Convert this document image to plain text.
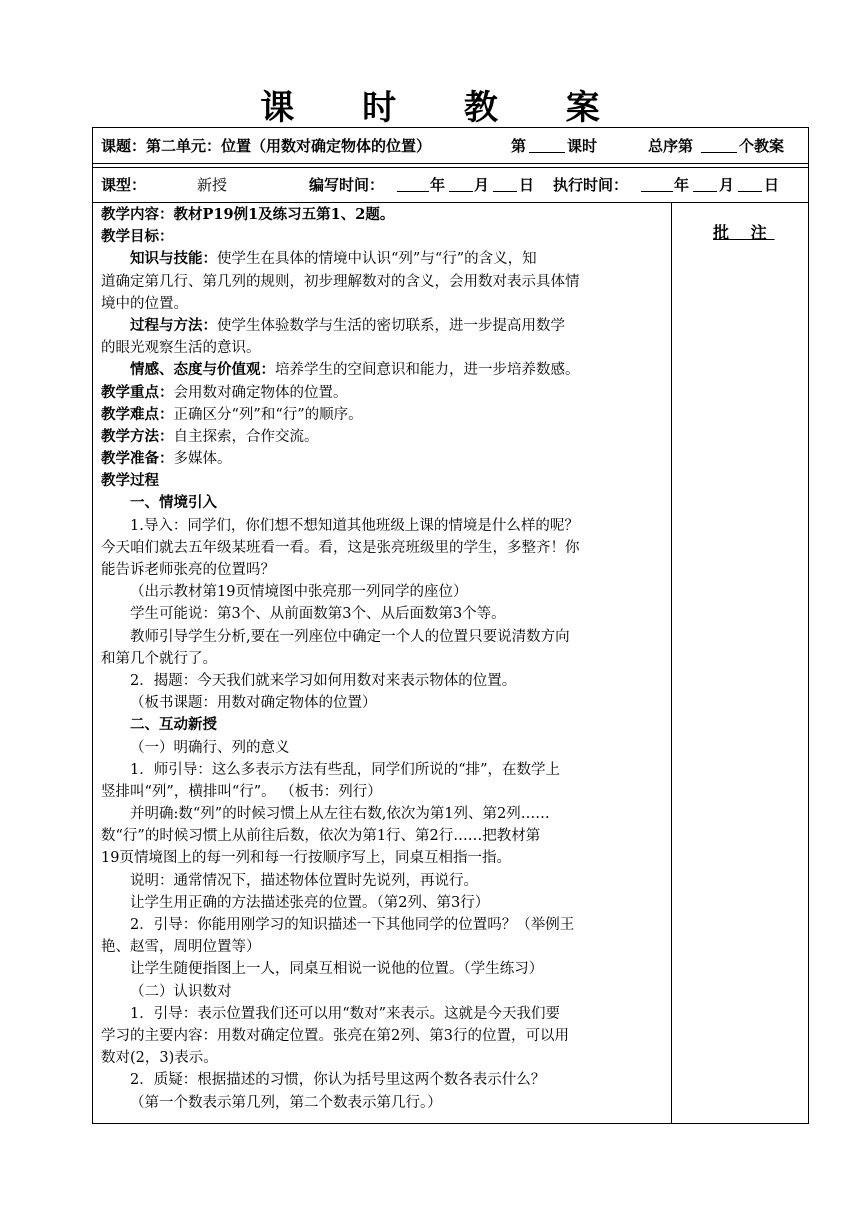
课 时 教 案
课题：第二单元：位置（用数对确定物体的位置）	第	课时	总序第	个教案
课型：	新授	编写时间：	年 月 日 执行时间：	年 月 日
批 注
教学内容：教材P19例1及练习五第1、2题。
教学目标：
知识与技能：使学生在具体的情境中认识“列”与“行”的含义，知
道确定第几行、第几列的规则，初步理解数对的含义，会用数对表示具体情
境中的位置。
过程与方法：使学生体验数学与生活的密切联系，进一步提高用数学
的眼光观察生活的意识。
情感、态度与价值观：培养学生的空间意识和能力，进一步培养数感。
教学重点：会用数对确定物体的位置。
教学难点：正确区分“列”和“行”的顺序。
教学方法：自主探索，合作交流。
教学准备：多媒体。
教学过程
一、情境引入
1.导入：同学们，你们想不想知道其他班级上课的情境是什么样的呢？
今天咱们就去五年级某班看一看。看，这是张亮班级里的学生，多整齐！你
能告诉老师张亮的位置吗？
（出示教材第19页情境图中张亮那一列同学的座位）
学生可能说：第3个、从前面数第3个、从后面数第3个等。
教师引导学生分析,要在一列座位中确定一个人的位置只要说清数方向
和第几个就行了。
2．揭题：今天我们就来学习如何用数对来表示物体的位置。
（板书课题：用数对确定物体的位置）
二、互动新授
（一）明确行、列的意义
1．师引导：这么多表示方法有些乱，同学们所说的“排”，在数学上
竖排叫“列”，横排叫“行”。 （板书：列行）
并明确:数“列”的时候习惯上从左往右数,依次为第1列、第2列……
数“行”的时候习惯上从前往后数，依次为第1行、第2行……把教材第
19页情境图上的每一列和每一行按顺序写上，同桌互相指一指。
说明：通常情况下，描述物体位置时先说列，再说行。
让学生用正确的方法描述张亮的位置。（第2列、第3行）
2．引导：你能用刚学习的知识描述一下其他同学的位置吗？（举例王
艳、赵雪，周明位置等）
让学生随便指图上一人，同桌互相说一说他的位置。（学生练习）
（二）认识数对
1．引导：表示位置我们还可以用“数对”来表示。这就是今天我们要
学习的主要内容：用数对确定位置。张亮在第2列、第3行的位置，可以用
数对(2，3)表示。
2．质疑：根据描述的习惯，你认为括号里这两个数各表示什么？
（第一个数表示第几列，第二个数表示第几行。）
